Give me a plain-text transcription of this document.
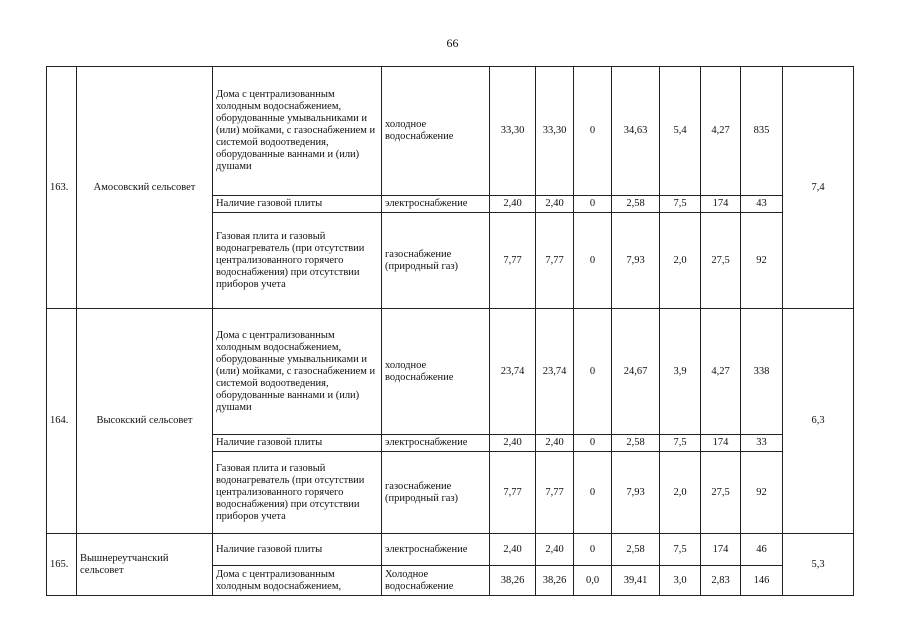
66
163.	Амосовский сельсовет	Дома с централизованным холодным водоснабжением, оборудованные умывальниками и (или) мойками, с газоснабжением и системой водоотведения, оборудованные ваннами и (или) душами	холодное водоснабжение	33,30	33,30	0	34,63	5,4	4,27	835	7,4
		Наличие газовой плиты	электроснабжение	2,40	2,40	0	2,58	7,5	174	43	
		Газовая плита и газовый водонагреватель (при отсутствии централизованного горячего водоснабжения) при отсутствии приборов учета	газоснабжение (природный газ)	7,77	7,77	0	7,93	2,0	27,5	92	
164.	Высокский сельсовет	Дома с централизованным холодным водоснабжением, оборудованные умывальниками и (или) мойками, с газоснабжением и системой водоотведения, оборудованные ваннами и (или) душами	холодное водоснабжение	23,74	23,74	0	24,67	3,9	4,27	338	6,3
		Наличие газовой плиты	электроснабжение	2,40	2,40	0	2,58	7,5	174	33	
		Газовая плита и газовый водонагреватель (при отсутствии централизованного горячего водоснабжения) при отсутствии приборов учета	газоснабжение (природный газ)	7,77	7,77	0	7,93	2,0	27,5	92	
165.	Вышнереутчанский сельсовет	Наличие газовой плиты	электроснабжение	2,40	2,40	0	2,58	7,5	174	46	5,3
		Дома с централизованным холодным водоснабжением,	Холодное водоснабжение	38,26	38,26	0,0	39,41	3,0	2,83	146	
